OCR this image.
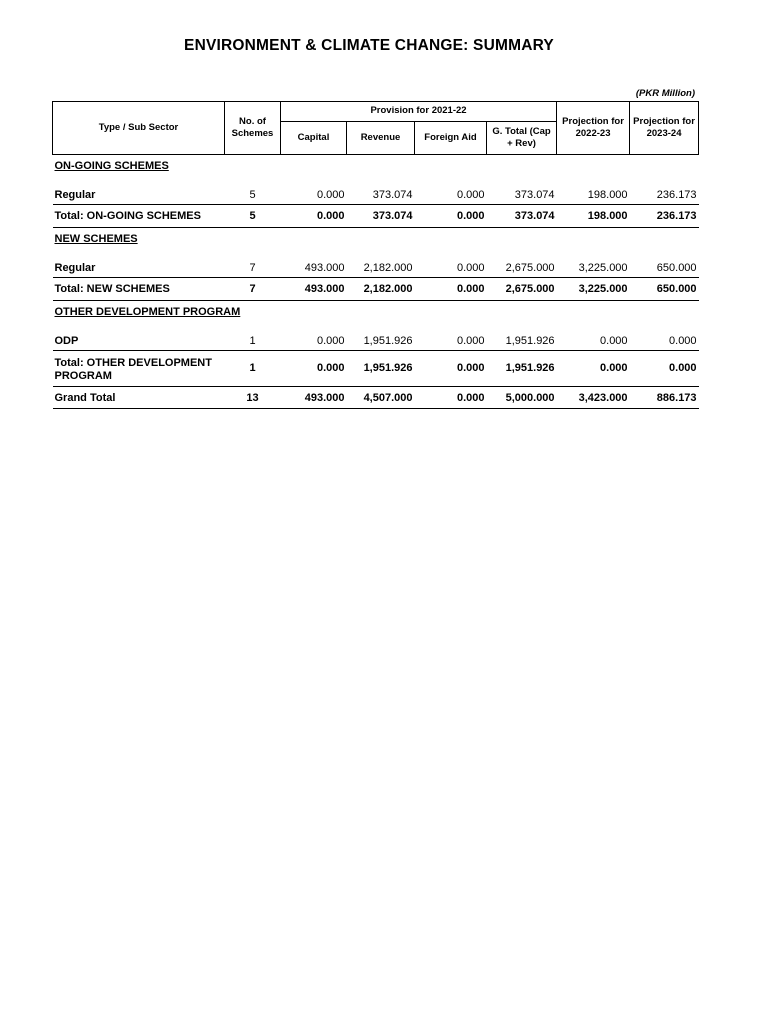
ENVIRONMENT & CLIMATE CHANGE: SUMMARY
(PKR Million)
Type / Sub Sector	No. of Schemes	Provision for 2021-22				Projection for 2022-23	Projection for 2023-24
		Capital	Revenue	Foreign Aid	G. Total (Cap + Rev)		
ON-GOING SCHEMES							
Regular	5	0.000	373.074	0.000	373.074	198.000	236.173
Total: ON-GOING SCHEMES	5	0.000	373.074	0.000	373.074	198.000	236.173
NEW SCHEMES							
Regular	7	493.000	2,182.000	0.000	2,675.000	3,225.000	650.000
Total: NEW SCHEMES	7	493.000	2,182.000	0.000	2,675.000	3,225.000	650.000
OTHER DEVELOPMENT PROGRAM							
ODP	1	0.000	1,951.926	0.000	1,951.926	0.000	0.000
Total: OTHER DEVELOPMENT PROGRAM	1	0.000	1,951.926	0.000	1,951.926	0.000	0.000
Grand Total	13	493.000	4,507.000	0.000	5,000.000	3,423.000	886.173
